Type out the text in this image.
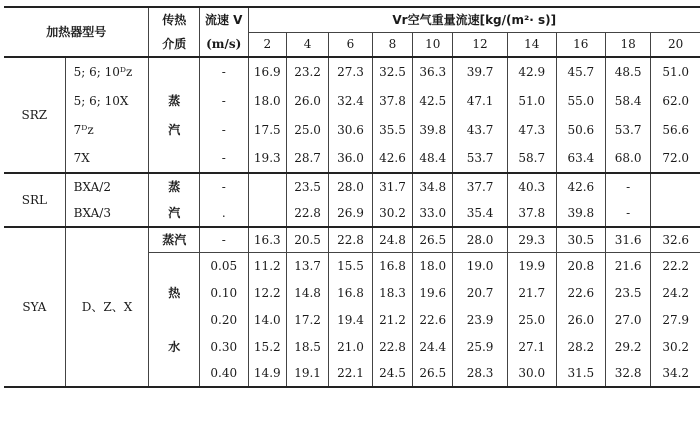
加热器型号		传热	流速 V	Vr空气重量流速[kg/(m²· s)]									
		介质	(m/s)	2	4	6	8	10	12	14	16	18	20
SRZ	5; 6; 10ᴰz		-	16.9	23.2	27.3	32.5	36.3	39.7	42.9	45.7	48.5	51.0
	5; 6; 10X	蒸	-	18.0	26.0	32.4	37.8	42.5	47.1	51.0	55.0	58.4	62.0
	7ᴰz	汽	-	17.5	25.0	30.6	35.5	39.8	43.7	47.3	50.6	53.7	56.6
	7X		-	19.3	28.7	36.0	42.6	48.4	53.7	58.7	63.4	68.0	72.0
SRL	BXA/2	蒸	-		23.5	28.0	31.7	34.8	37.7	40.3	42.6	-	
	BXA/3	汽	.		22.8	26.9	30.2	33.0	35.4	37.8	39.8	-	
SYA	D、Z、X	蒸汽	-	16.3	20.5	22.8	24.8	26.5	28.0	29.3	30.5	31.6	32.6
			0.05	11.2	13.7	15.5	16.8	18.0	19.0	19.9	20.8	21.6	22.2
		热	0.10	12.2	14.8	16.8	18.3	19.6	20.7	21.7	22.6	23.5	24.2
			0.20	14.0	17.2	19.4	21.2	22.6	23.9	25.0	26.0	27.0	27.9
		水	0.30	15.2	18.5	21.0	22.8	24.4	25.9	27.1	28.2	29.2	30.2
			0.40	14.9	19.1	22.1	24.5	26.5	28.3	30.0	31.5	32.8	34.2
